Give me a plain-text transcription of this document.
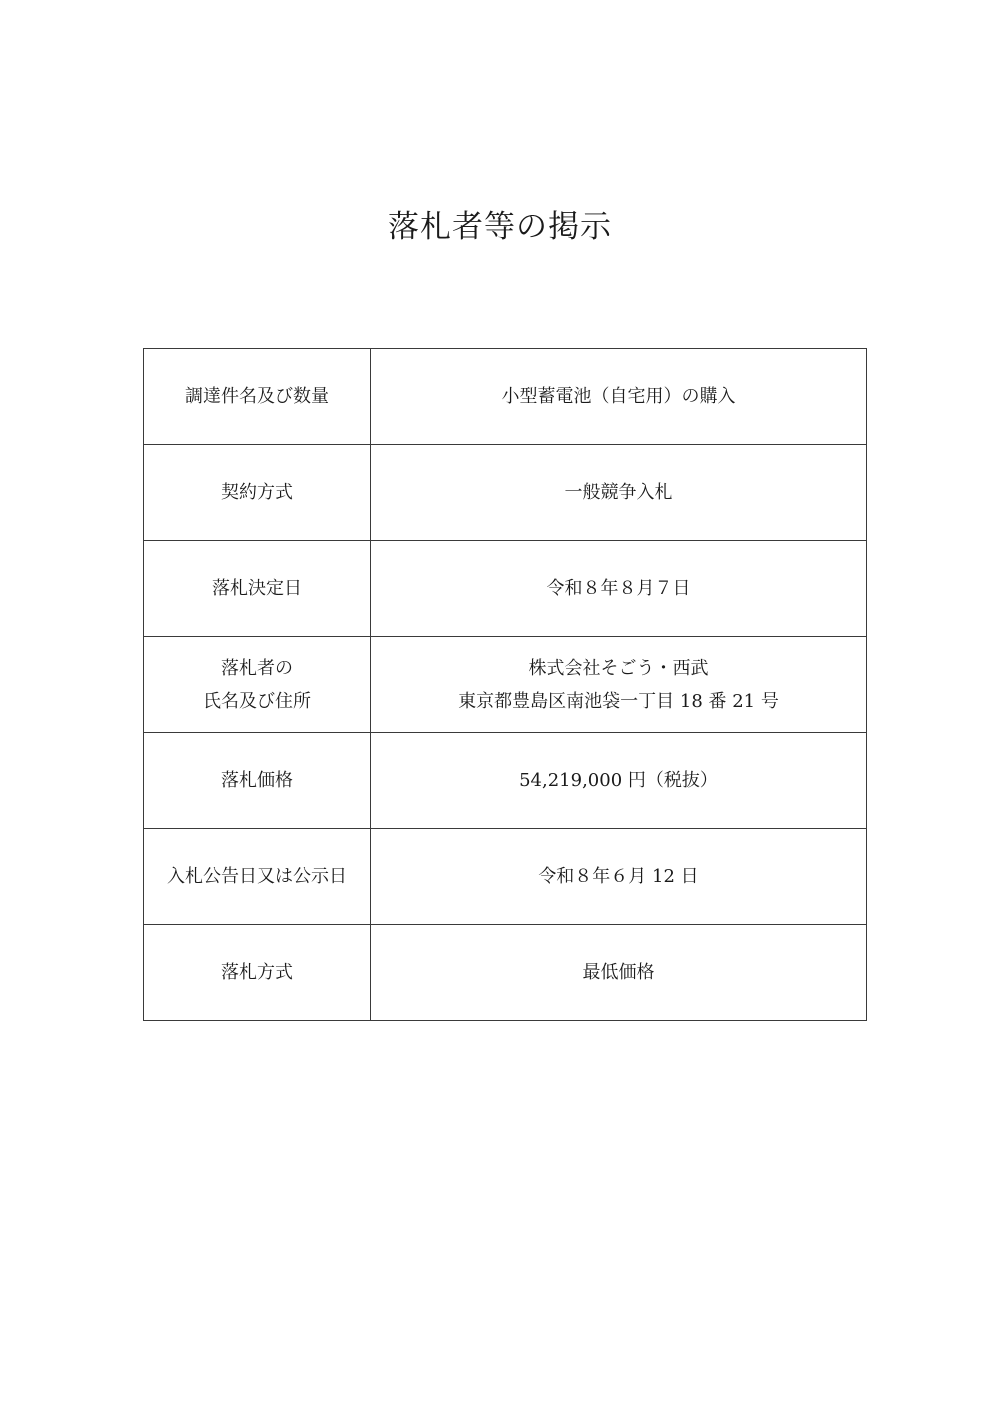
落札者等の掲示
調達件名及び数量	小型蓄電池（自宅用）の購入

契約方式	一般競争入札

落札決定日	令和８年８月７日

落札者の
氏名及び住所	株式会社そごう・西武
東京都豊島区南池袋一丁目 18 番 21 号

落札価格	54,219,000 円（税抜）

入札公告日又は公示日	令和８年６月 12 日

落札方式	最低価格
